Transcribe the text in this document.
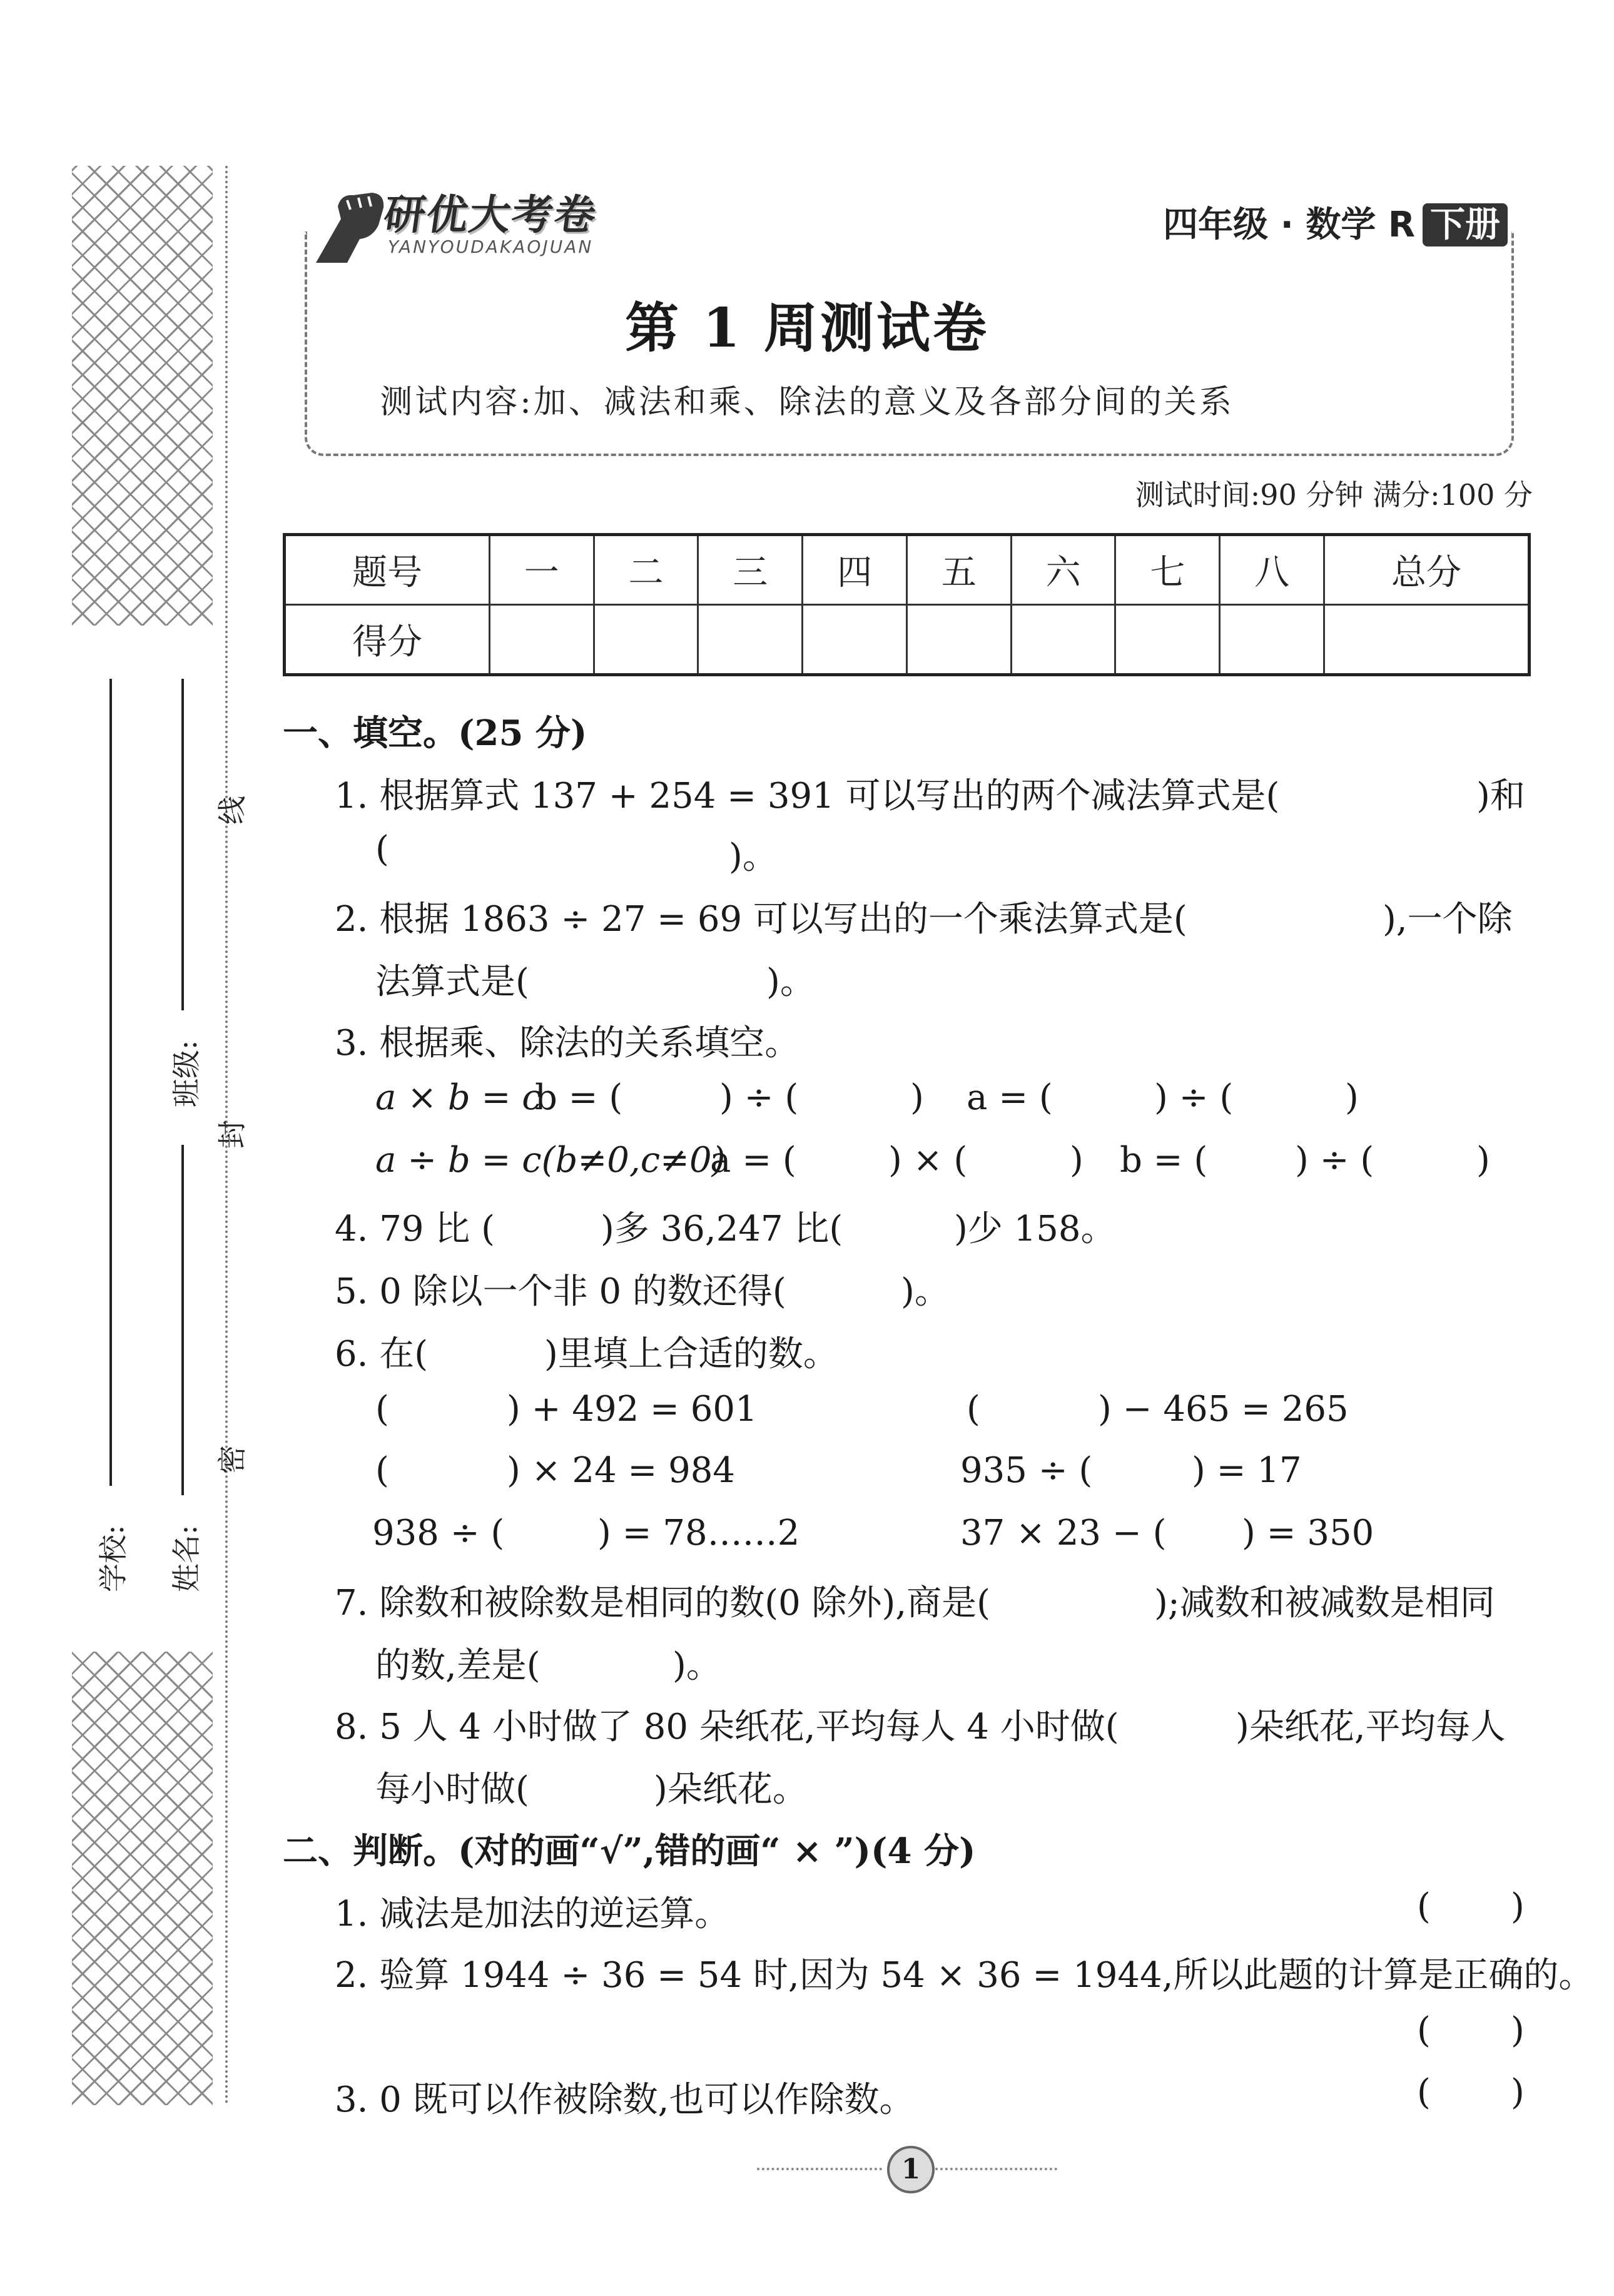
学校:
班级:
姓名:
线
封
密
研优大考卷
YANYOUDAKAOJUAN
四年级 · 数学 R 下册
第 1 周测试卷
测试内容:加、减法和乘、除法的意义及各部分间的关系
测试时间:90 分钟 满分:100 分
题号	一	二	三	四	五	六	七	八	总分
得分									
一、填空。(25 分)
1. 根据算式 137 + 254 = 391 可以写出的两个减法算式是(	)和
(	)。
2. 根据 1863 ÷ 27 = 69 可以写出的一个乘法算式是(	),一个除
法算式是(	)。
3. 根据乘、除法的关系填空。
a × b = c
b = (	) ÷ (	) a = (	) ÷ (	)
a ÷ b = c(b≠0,c≠0)
a = (	) × (	) b = ( ) ÷ (	)
4. 79 比 (	)多 36,247 比(	)少 158。
5. 0 除以一个非 0 的数还得(	)。
6. 在(	)里填上合适的数。
(	) + 492 = 601	(	) − 465 = 265
(	) × 24 = 984	935 ÷ (	) = 17
938 ÷ (	) = 78……2	37 × 23 − ( ) = 350
7. 除数和被除数是相同的数(0 除外),商是(	);减数和被减数是相同
的数,差是(	)。
8. 5 人 4 小时做了 80 朵纸花,平均每人 4 小时做(	)朵纸花,平均每人
每小时做(	)朵纸花。
二、判断。(对的画“√”,错的画“ × ”)(4 分)
1. 减法是加法的逆运算。	( )
2. 验算 1944 ÷ 36 = 54 时,因为 54 × 36 = 1944,所以此题的计算是正确的。
( )
3. 0 既可以作被除数,也可以作除数。	( )
1
